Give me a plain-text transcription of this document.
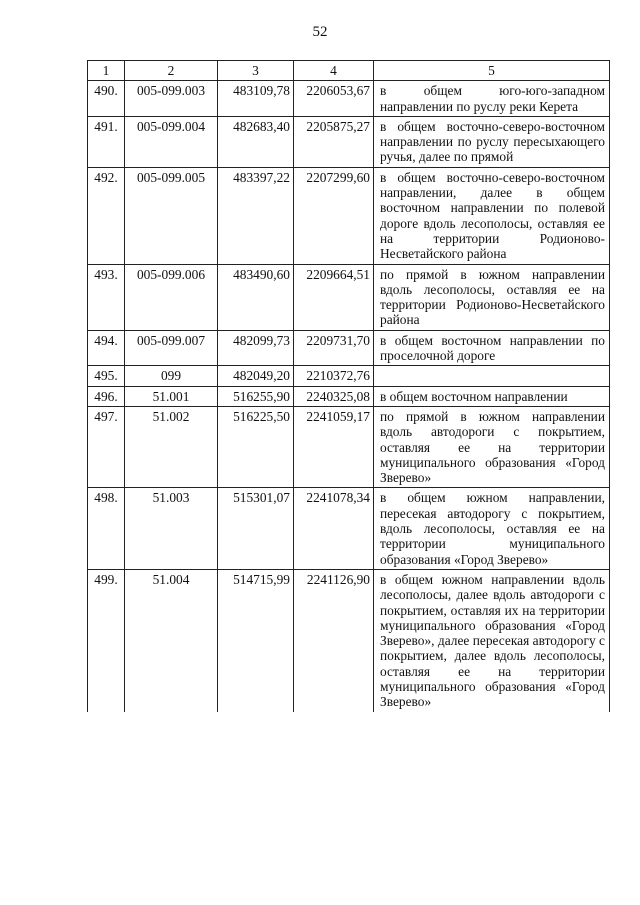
52
1	2	3	4	5
490.	005-099.003	483109,78	2206053,67	в общем юго-юго-западном направлении по руслу реки Керета
491.	005-099.004	482683,40	2205875,27	в общем восточно-северо-восточном направлении по руслу пересыхающего ручья, далее по прямой
492.	005-099.005	483397,22	2207299,60	в общем восточно-северо-восточном направлении, далее в общем восточном направлении по полевой дороге вдоль лесополосы, оставляя ее на территории Родионово-Несветайского района
493.	005-099.006	483490,60	2209664,51	по прямой в южном направлении вдоль лесополосы, оставляя ее на территории Родионово-Несветайского района
494.	005-099.007	482099,73	2209731,70	в общем восточном направлении по проселочной дороге
495.	099	482049,20	2210372,76	
496.	51.001	516255,90	2240325,08	в общем восточном направлении
497.	51.002	516225,50	2241059,17	по прямой в южном направлении вдоль автодороги с покрытием, оставляя ее на территории муниципального образования «Город Зверево»
498.	51.003	515301,07	2241078,34	в общем южном направлении, пересекая автодорогу с покрытием, вдоль лесополосы, оставляя ее на территории муниципального образования «Город Зверево»
499.	51.004	514715,99	2241126,90	в общем южном направлении вдоль лесополосы, далее вдоль автодороги с покрытием, оставляя их на территории муниципального образования «Город Зверево», далее пересекая автодорогу с покрытием, далее вдоль лесополосы, оставляя ее на территории муниципального образования «Город Зверево»
